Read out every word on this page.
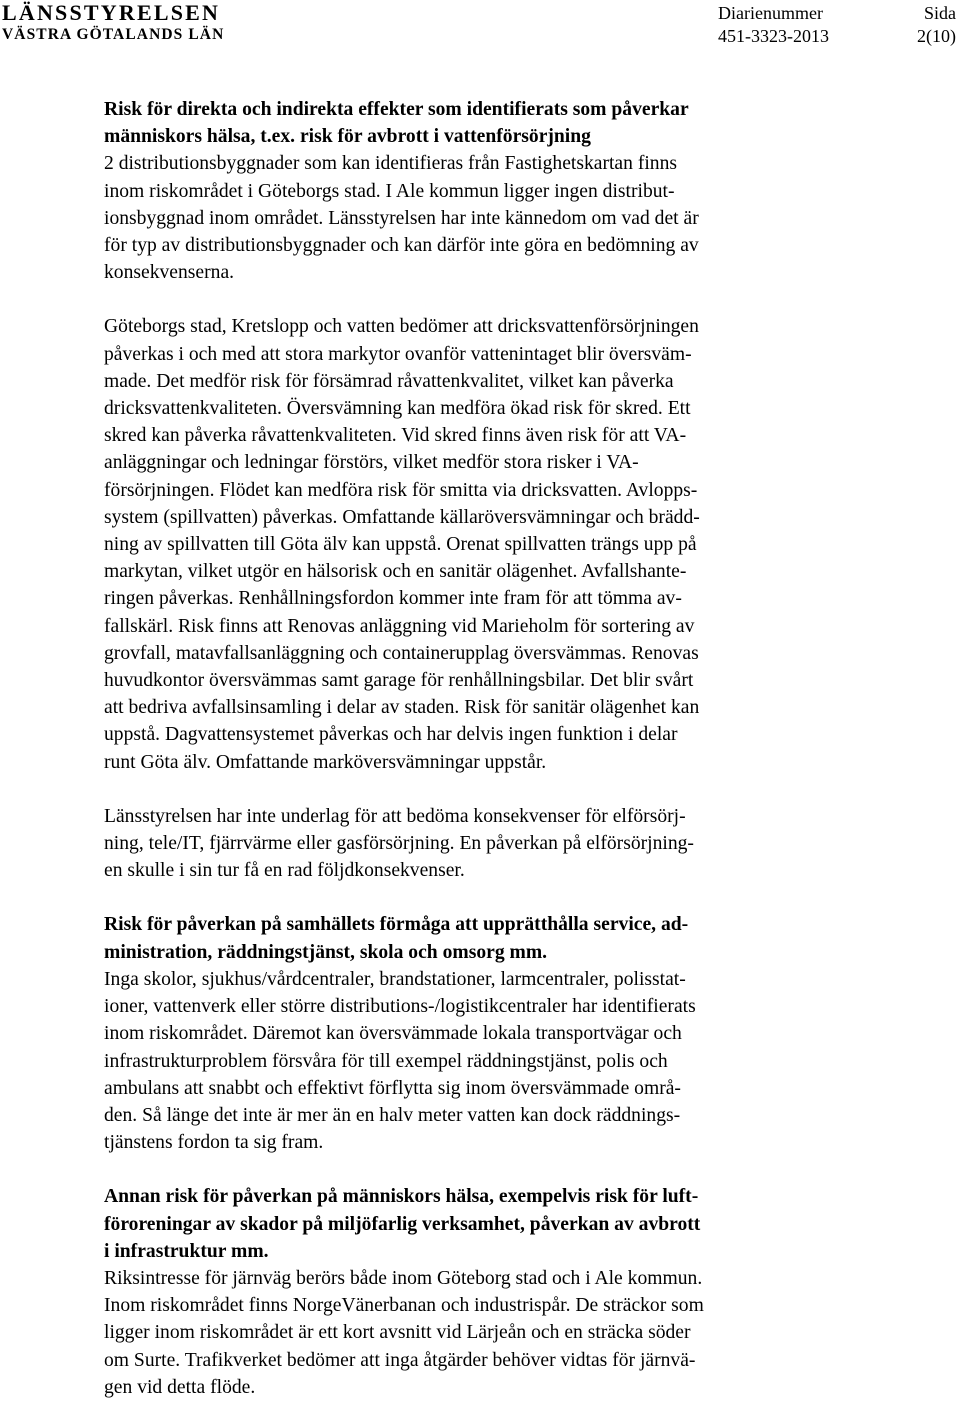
LÄNSSTYRELSEN
VÄSTRA GÖTALANDS LÄN
Diarienummer
451-3323-2013
Sida
2(10)
Risk för direkta och indirekta effekter som identifierats som påverkar
människors hälsa, t.ex. risk för avbrott i vattenförsörjning

2 distributionsbyggnader som kan identifieras från Fastighetskartan finns
inom riskområdet i Göteborgs stad. I Ale kommun ligger ingen distribut-
ionsbyggnad inom området. Länsstyrelsen har inte kännedom om vad det är
för typ av distributionsbyggnader och kan därför inte göra en bedömning av
konsekvenserna.

Göteborgs stad, Kretslopp och vatten bedömer att dricksvattenförsörjningen
påverkas i och med att stora markytor ovanför vattenintaget blir översväm-
made. Det medför risk för försämrad råvattenkvalitet, vilket kan påverka
dricksvattenkvaliteten. Översvämning kan medföra ökad risk för skred. Ett
skred kan påverka råvattenkvaliteten. Vid skred finns även risk för att VA-
anläggningar och ledningar förstörs, vilket medför stora risker i VA-
försörjningen. Flödet kan medföra risk för smitta via dricksvatten. Avlopps-
system (spillvatten) påverkas. Omfattande källaröversvämningar och brädd-
ning av spillvatten till Göta älv kan uppstå. Orenat spillvatten trängs upp på
markytan, vilket utgör en hälsorisk och en sanitär olägenhet. Avfallshante-
ringen påverkas. Renhållningsfordon kommer inte fram för att tömma av-
fallskärl. Risk finns att Renovas anläggning vid Marieholm för sortering av
grovfall, matavfallsanläggning och containerupplag översvämmas. Renovas
huvudkontor översvämmas samt garage för renhållningsbilar. Det blir svårt
att bedriva avfallsinsamling i delar av staden. Risk för sanitär olägenhet kan
uppstå. Dagvattensystemet påverkas och har delvis ingen funktion i delar
runt Göta älv. Omfattande marköversvämningar uppstår.

Länsstyrelsen har inte underlag för att bedöma konsekvenser för elförsörj-
ning, tele/IT, fjärrvärme eller gasförsörjning. En påverkan på elförsörjning-
en skulle i sin tur få en rad följdkonsekvenser.

Risk för påverkan på samhällets förmåga att upprätthålla service, ad-
ministration, räddningstjänst, skola och omsorg mm.

Inga skolor, sjukhus/vårdcentraler, brandstationer, larmcentraler, polisstat-
ioner, vattenverk eller större distributions-/logistikcentraler har identifierats
inom riskområdet. Däremot kan översvämmade lokala transportvägar och
infrastrukturproblem försvåra för till exempel räddningstjänst, polis och
ambulans att snabbt och effektivt förflytta sig inom översvämmade områ-
den. Så länge det inte är mer än en halv meter vatten kan dock räddnings-
tjänstens fordon ta sig fram.

Annan risk för påverkan på människors hälsa, exempelvis risk för luft-
föroreningar av skador på miljöfarlig verksamhet, påverkan av avbrott
i infrastruktur mm.

Riksintresse för järnväg berörs både inom Göteborg stad och i Ale kommun.
Inom riskområdet finns NorgeVänerbanan och industrispår. De sträckor som
ligger inom riskområdet är ett kort avsnitt vid Lärjeån och en sträcka söder
om Surte. Trafikverket bedömer att inga åtgärder behöver vidtas för järnvä-
gen vid detta flöde.
